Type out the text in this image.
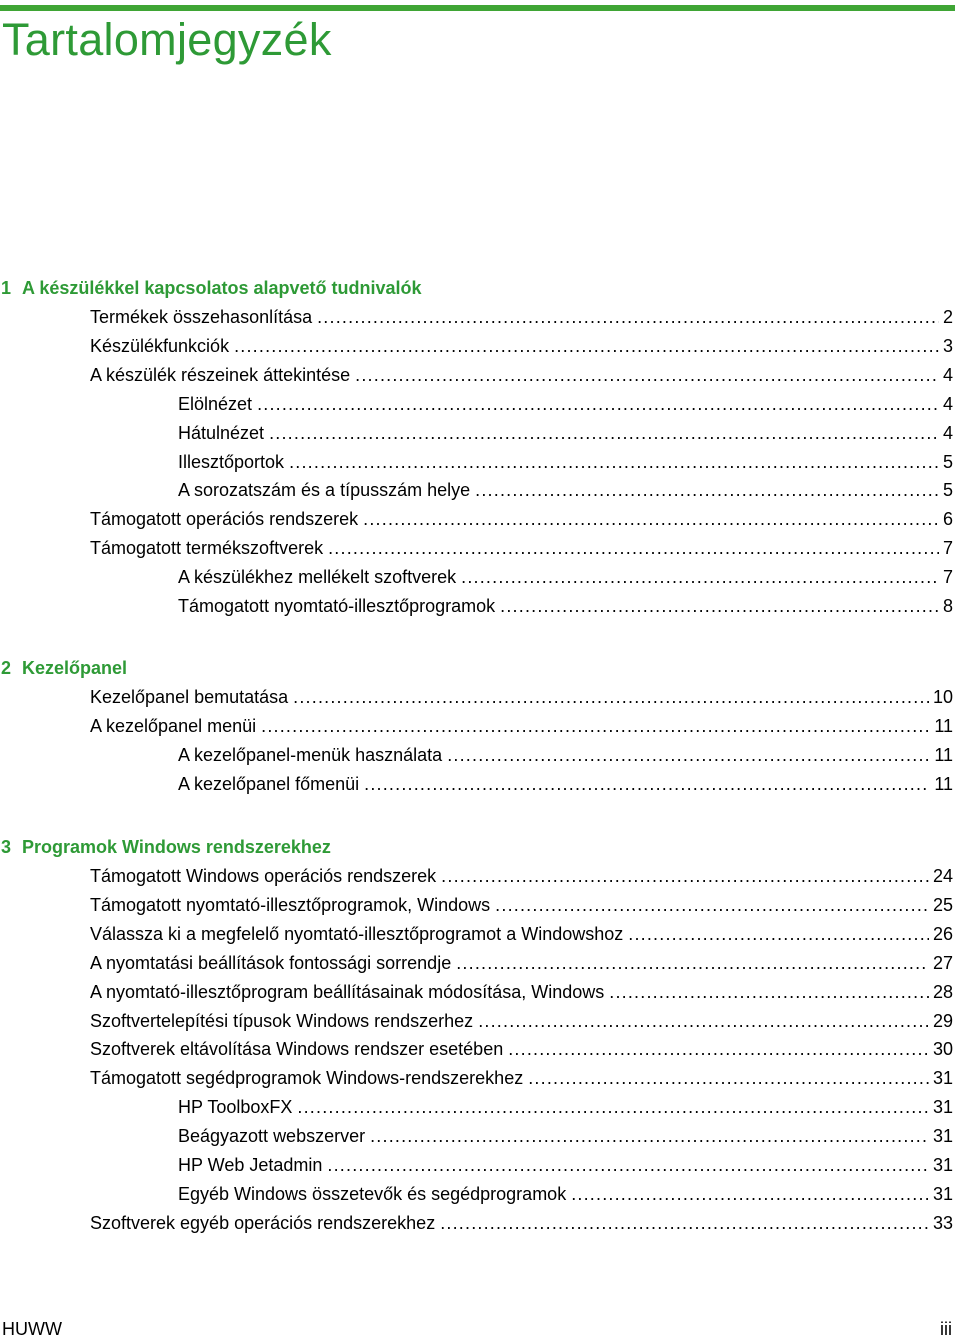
Tartalomjegyzék
1 A készülékkel kapcsolatos alapvető tudnivalók
Termékek összehasonlítása .....	2
Készülékfunkciók .....	3
A készülék részeinek áttekintése .....	4
Elölnézet .....	4
Hátulnézet .....	4
Illesztőportok .....	5
A sorozatszám és a típusszám helye .....	5
Támogatott operációs rendszerek .....	6
Támogatott termékszoftverek .....	7
A készülékhez mellékelt szoftverek .....	7
Támogatott nyomtató-illesztőprogramok .....	8
2 Kezelőpanel
Kezelőpanel bemutatása .....	10
A kezelőpanel menüi .....	11
A kezelőpanel-menük használata .....	11
A kezelőpanel főmenüi .....	11
3 Programok Windows rendszerekhez
Támogatott Windows operációs rendszerek .....	24
Támogatott nyomtató-illesztőprogramok, Windows .....	25
Válassza ki a megfelelő nyomtató-illesztőprogramot a Windowshoz .....	26
A nyomtatási beállítások fontossági sorrendje .....	27
A nyomtató-illesztőprogram beállításainak módosítása, Windows .....	28
Szoftvertelepítési típusok Windows rendszerhez .....	29
Szoftverek eltávolítása Windows rendszer esetében .....	30
Támogatott segédprogramok Windows-rendszerekhez .....	31
HP ToolboxFX .....	31
Beágyazott webszerver .....	31
HP Web Jetadmin .....	31
Egyéb Windows összetevők és segédprogramok .....	31
Szoftverek egyéb operációs rendszerekhez .....	33
HUWW	iii
